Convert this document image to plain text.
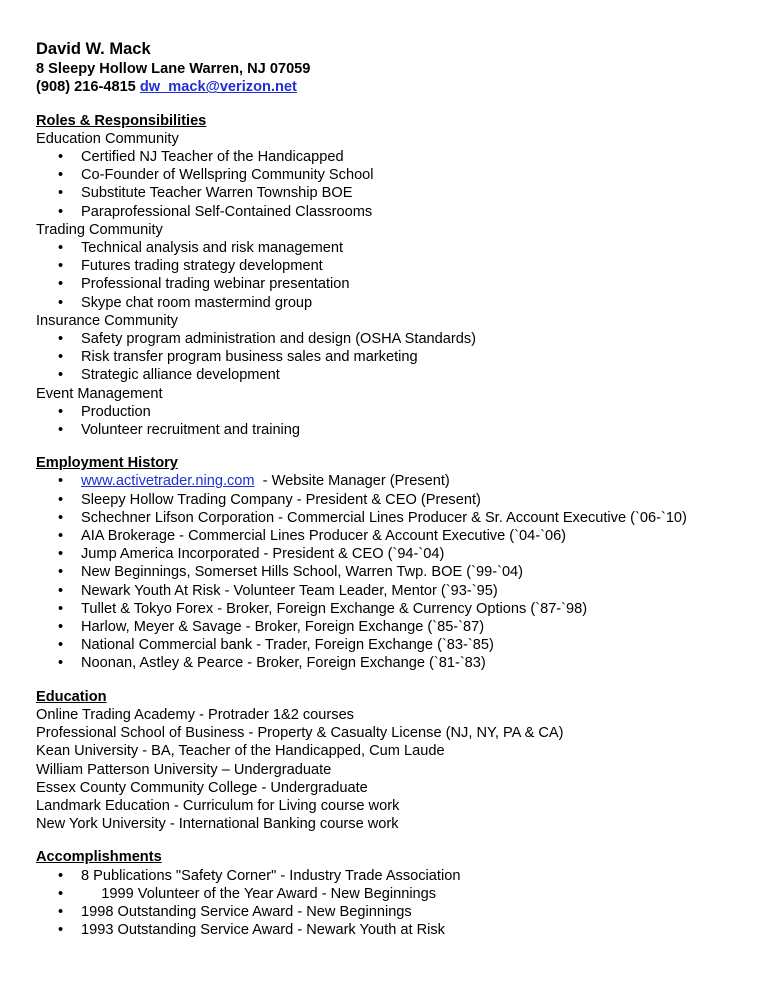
David W. Mack
8 Sleepy Hollow Lane Warren, NJ 07059
(908) 216-4815 dw_mack@verizon.net
Roles & Responsibilities
Education Community
• Certified NJ Teacher of the Handicapped
• Co-Founder of Wellspring Community School
• Substitute Teacher Warren Township BOE
• Paraprofessional Self-Contained Classrooms
Trading Community
• Technical analysis and risk management
• Futures trading strategy development
• Professional trading webinar presentation
• Skype chat room mastermind group
Insurance Community
• Safety program administration and design (OSHA Standards)
• Risk transfer program business sales and marketing
• Strategic alliance development
Event Management
• Production
• Volunteer recruitment and training
Employment History
• www.activetrader.ning.com  - Website Manager (Present)
• Sleepy Hollow Trading Company - President & CEO (Present)
• Schechner Lifson Corporation - Commercial Lines Producer & Sr. Account Executive (`06-`10)
• AIA Brokerage - Commercial Lines Producer & Account Executive (`04-`06)
• Jump America Incorporated - President & CEO (`94-`04)
• New Beginnings, Somerset Hills School, Warren Twp. BOE (`99-`04)
• Newark Youth At Risk - Volunteer Team Leader, Mentor (`93-`95)
• Tullet & Tokyo Forex - Broker, Foreign Exchange & Currency Options (`87-`98)
• Harlow, Meyer & Savage - Broker, Foreign Exchange (`85-`87)
• National Commercial bank - Trader, Foreign Exchange (`83-`85)
• Noonan, Astley & Pearce - Broker, Foreign Exchange (`81-`83)
Education
Online Trading Academy - Protrader 1&2 courses
Professional School of Business - Property & Casualty License (NJ, NY, PA & CA)
Kean University - BA, Teacher of the Handicapped, Cum Laude
William Patterson University – Undergraduate
Essex County Community College - Undergraduate
Landmark Education - Curriculum for Living course work
New York University - International Banking course work
Accomplishments
• 8 Publications "Safety Corner" - Industry Trade Association
• 1999 Volunteer of the Year Award - New Beginnings
• 1998 Outstanding Service Award - New Beginnings
• 1993 Outstanding Service Award - Newark Youth at Risk
